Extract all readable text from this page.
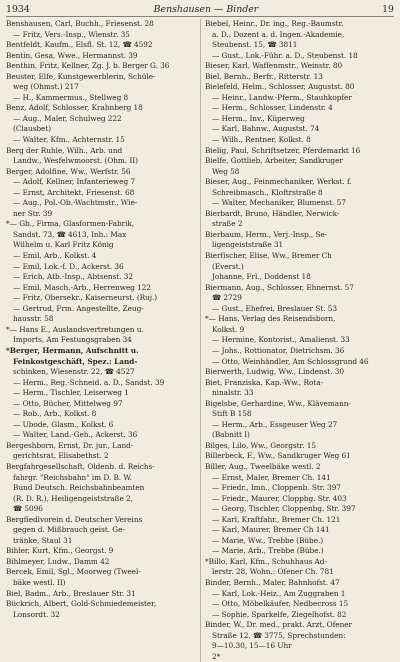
1934	Benshausen — Binder	19
Benshausen, Carl, Buchh., Friesenst. 28
— Fritz, Vers.-Insp., Wienstr. 35
Bentfeldt, Kaufm., Elsfl. St. 12, ☎ 4592
Bentin, Gesa, Wwe., Hermannst. 39
Benthin, Fritz, Kellner, Zg. J. b. Berger G. 36
Beuster, Elfe, Kunstgewerblerin, Schüle-
weg (Ohmst.) 217
— H., Kammermus., Stellweg 8
Benz, Adolf, Schlosser, Krahnberg 18
— Aug., Maler, Schulweg 222
(Clausbet)
— Walter, Kfm., Achternstr. 15
Berg der Ruhle, Wilh., Arb. und
Landw., Wesfelwmoorst. (Ohm. II)
Berger, Adolfine, Ww., Werfstr. 56
— Adolf, Kellner, Infanterieweg 7
— Ernst, Architekt, Friesenst. 68
— Aug., Pol.-Ob.-Wachtmstr., Wie-
ner Str. 39
*— Gb., Firma, Glasformen-Fabrik,
Sandst. 73, ☎ 4613, Inh.: Max
Wilhelm u. Karl Fritz König
— Emil, Arb., Kolkst. 4
— Emil, Lok.-f. D., Ackerst. 36
— Erich, Atb.-Insp., Abtsenst. 32
— Emil, Masch.-Arb., Herrenweg 122
— Fritz, Obersekr., Kaiserneurst. (Ruj.)
— Gertrud, Frm. Angestellte, Zeug-
hausstr. 58
*— Hans E., Auslandsvertretungen u.
Imports, Am Festungsgraben 34
*Berger, Hermann, Aufschnitt u.
Feinkostgeschäft, Spez.: Land-
schinken, Wiesenstr. 22, ☎ 4527
— Herm., Reg.-Schneid. a. D., Sandst. 39
— Herm., Tischler, Leiserweg 1
— Otto, Bücher, Mittelweg 97
— Rob., Arb., Kolkst. 8
— Ubode, Glasm., Kolkst. 6
— Walter, Land.-Geh., Ackerst. 36
Bergeshborn, Ernst, Dr. jur., Land-
gerichtsrat, Elisabethst. 2
Bergfahrgesellschaft, Oldenb. d. Reichs-
fahrgr. "Reichsbahn" im D. B. W.
Bund Deutsch. Reichsbahnbeamten
(R. D. R.), Heiligengeiststraße 2,
☎ 5096
Bergfiedlvorein d. Deutscher Vereins
gegen d. Mißbrauch geist. Ge-
tränke, Staul 31
Bihler, Kurt, Kfm., Georgst. 9
Bihlmeyer, Ludw., Damm 42
Bercek, Emil, Sgl., Moorweg (Tweel-
bäke westl. II)
Biel, Badm., Arb., Breslauer Str. 31
Bückrich, Albert, Gold-Schmiedemeister,
Lonsordt. 32
Biebel, Heinr., Dr. ing., Reg.-Baumstr.
a. D., Dozent a. d. Ingen.-Akademie,
Steubenst. 15, ☎ 3811
— Gust., Lok.-Führ. a. D., Steubenst. 18
Bieser, Karl, Waffenmstr., Weinstr. 80
Biel, Bernh., Berfr., Ritterstr. 13
Bielefeld, Helm., Schlosser, Augustst. 80
— Heinr., Landw.-Pferm., Stauhkopfer
— Herm., Schlosser, Lindenstr. 4
— Herm., Inv., Küperweg
— Karl, Bahnw., Augustst. 74
— Wilh., Rentner, Kolkst. 8
Bielig, Paul, Schriftsetzer, Pferdemarkt 16
Bielfe, Gottlieb, Arbeiter, Sandkruger
Weg 58
Bieser, Aug., Feinmechaniker, Werkst. f.
Schreibmasch., Kloftrstraße 8
— Walter, Mechaniker, Blumenst. 57
Bierbardt, Bruno, Händler, Nerwick-
straße 2
Bierbaum, Herm., Verj.-Insp., Se-
ligengeiststraße 31
Bierfischer, Elise, Ww., Bremer Ch
(Everst.)
Johanne, Frl., Doddenst 18
Biermann, Aug., Schlosser, Ehnernst. 57
☎ 2729
— Gust., Ehefrei, Breslauer St. 53
*— Hans, Verlag des Reisendsborn,
Kolkst. 9
— Hermine, Kontorist., Amalienst. 33
— Johs., Rottionator, Dietrichsm. 36
— Otto, Weinhändler, Am Schlossgrund 46
Bierwerth, Ludwig, Ww., Lindenst. 30
Biet, Franziska, Kap.-Ww., Rota-
ninalstr. 33
Bigelsbe, Gerhardine, Ww., Klävemann-
Stift B 158
— Herm., Arb., Essgeuser Weg 27
(Babnitt I)
Bilges, Lilo, Ww., Georgstr. 15
Billerbeck, F., Ww., Sandkruger Weg 61
Biller, Aug., Tweelbäke westl. 2
— Ernst, Maler, Bremer Ch. 141
— Friedr., Imn., Cloppenb. Str. 397
— Friedr., Maurer, Cloppbg. Str. 403
— Georg, Tischler, Cloppenbg. Str. 397
— Karl, Kraftfahr., Bremer Ch. 121
— Karl, Maurer, Bremer Ch 141
— Marie, Ww., Trebbe (Bübe.)
— Marie, Arb., Trebbe (Bübe.)
*Billo, Karl, Kfm., Schuhhaus Ad-
lerstr. 28, Wohn.: Ofener Ch. 781
Binder, Bernh., Maler, Bahnhofst. 47
— Karl, Lok.-Heiz., Am Zuggraben 1
— Otto, Möbelkäufer, Nedbecross 15
— Sophie, Sparkelfe, Ziegelhofst. 82
Binder, W., Dr. med., prakt. Arzt, Ofener
Straße 12, ☎ 3775, Sprechstunden:
9—10.30, 15—16 Uhr
2*
